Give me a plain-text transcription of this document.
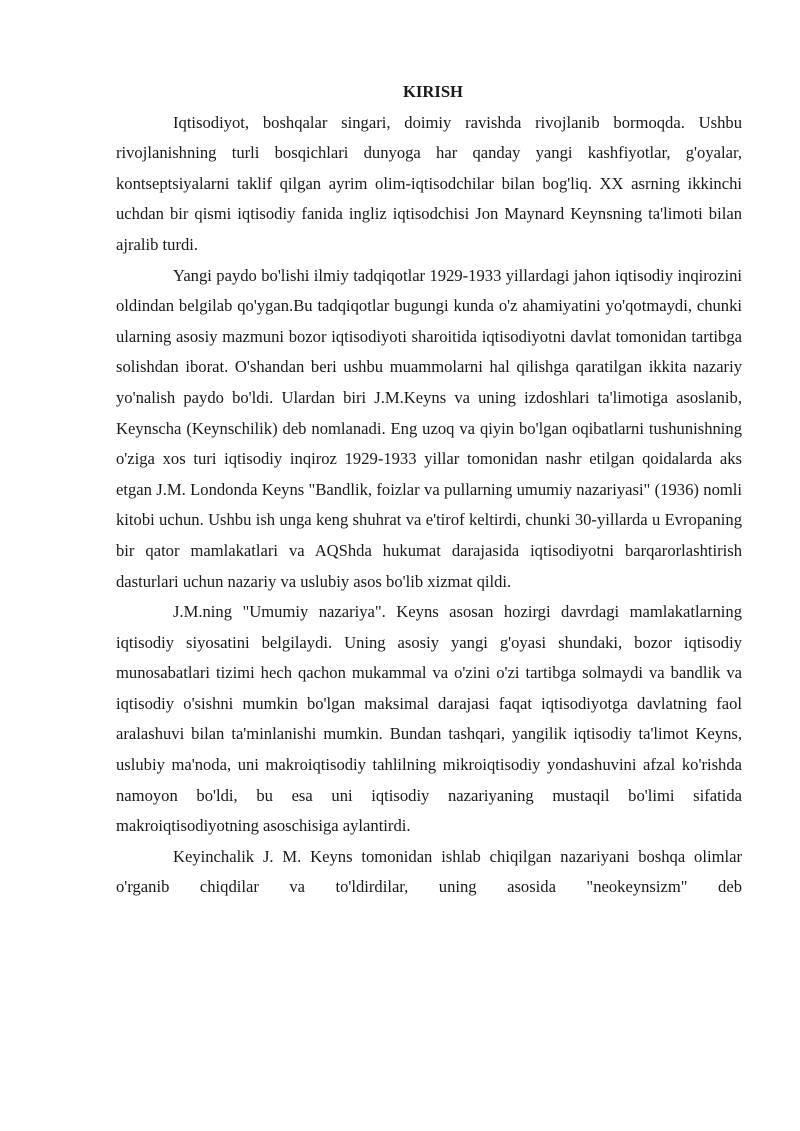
KIRISH

Iqtisodiyot, boshqalar singari, doimiy ravishda rivojlanib bormoqda. Ushbu rivojlanishning turli bosqichlari dunyoga har qanday yangi kashfiyotlar, g'oyalar, kontseptsiyalarni taklif qilgan ayrim olim-iqtisodchilar bilan bog'liq. XX asrning ikkinchi uchdan bir qismi iqtisodiy fanida ingliz iqtisodchisi Jon Maynard Keynsning ta'limoti bilan ajralib turdi.

Yangi paydo bo'lishi ilmiy tadqiqotlar 1929-1933 yillardagi jahon iqtisodiy inqirozini oldindan belgilab qo'ygan.Bu tadqiqotlar bugungi kunda o'z ahamiyatini yo'qotmaydi, chunki ularning asosiy mazmuni bozor iqtisodiyoti sharoitida iqtisodiyotni davlat tomonidan tartibga solishdan iborat. O'shandan beri ushbu muammolarni hal qilishga qaratilgan ikkita nazariy yo'nalish paydo bo'ldi. Ulardan biri J.M.Keyns va uning izdoshlari ta'limotiga asoslanib, Keynscha (Keynschilik) deb nomlanadi. Eng uzoq va qiyin bo'lgan oqibatlarni tushunishning o'ziga xos turi iqtisodiy inqiroz 1929-1933 yillar tomonidan nashr etilgan qoidalarda aks etgan J.M. Londonda Keyns "Bandlik, foizlar va pullarning umumiy nazariyasi" (1936) nomli kitobi uchun. Ushbu ish unga keng shuhrat va e'tirof keltirdi, chunki 30-yillarda u Evropaning bir qator mamlakatlari va AQShda hukumat darajasida iqtisodiyotni barqarorlashtirish dasturlari uchun nazariy va uslubiy asos bo'lib xizmat qildi.

J.M.ning "Umumiy nazariya". Keyns asosan hozirgi davrdagi mamlakatlarning iqtisodiy siyosatini belgilaydi. Uning asosiy yangi g'oyasi shundaki, bozor iqtisodiy munosabatlari tizimi hech qachon mukammal va o'zini o'zi tartibga solmaydi va bandlik va iqtisodiy o'sishni mumkin bo'lgan maksimal darajasi faqat iqtisodiyotga davlatning faol aralashuvi bilan ta'minlanishi mumkin. Bundan tashqari, yangilik iqtisodiy ta'limot Keyns, uslubiy ma'noda, uni makroiqtisodiy tahlilning mikroiqtisodiy yondashuvini afzal ko'rishda namoyon bo'ldi, bu esa uni iqtisodiy nazariyaning mustaqil bo'limi sifatida makroiqtisodiyotning asoschisiga aylantirdi.

Keyinchalik J. M. Keyns tomonidan ishlab chiqilgan nazariyani boshqa olimlar o'rganib chiqdilar va to'ldirdilar, uning asosida "neokeynsizm" deb
